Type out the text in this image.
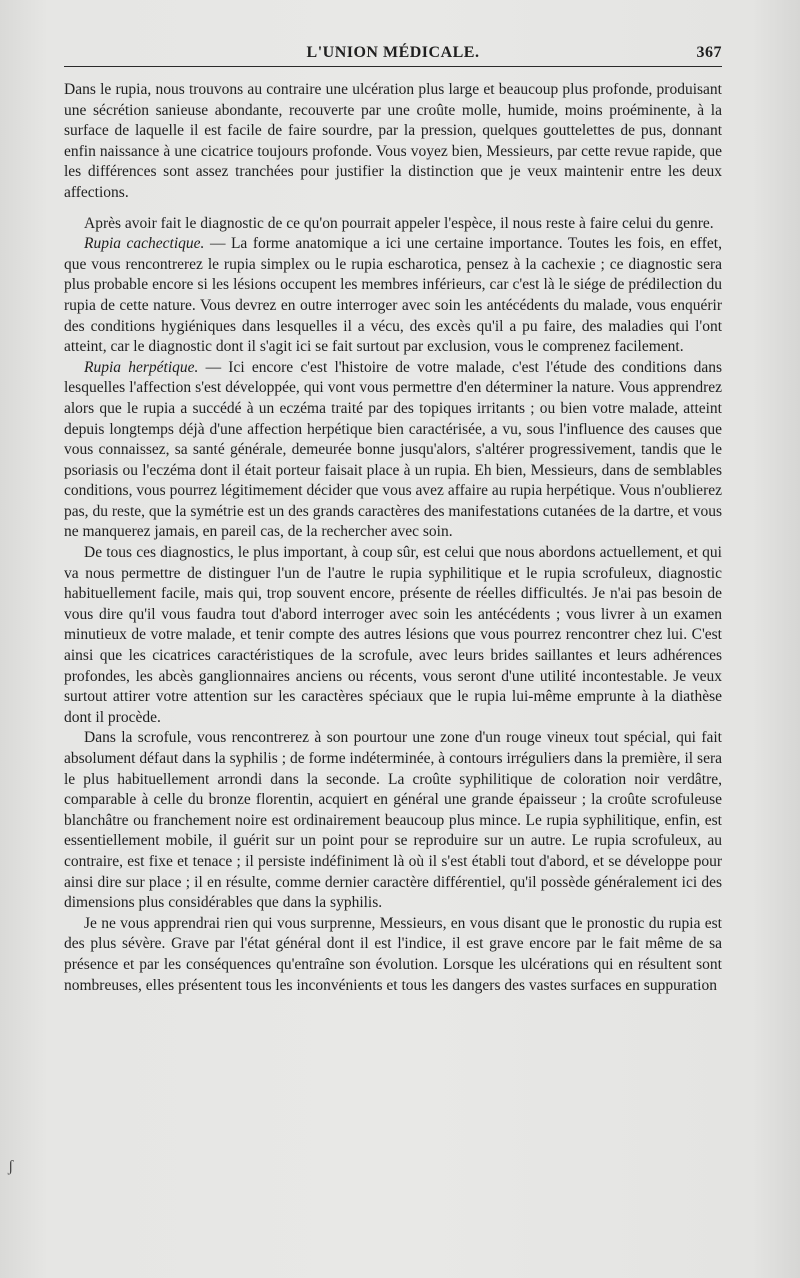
L'UNION MÉDICALE.	367

Dans le rupia, nous trouvons au contraire une ulcération plus large et beaucoup plus profonde, produisant une sécrétion sanieuse abondante, recouverte par une croûte molle, humide, moins proéminente, à la surface de laquelle il est facile de faire sourdre, par la pression, quelques gouttelettes de pus, donnant enfin naissance à une cicatrice toujours profonde. Vous voyez bien, Messieurs, par cette revue rapide, que les différences sont assez tranchées pour justifier la distinction que je veux maintenir entre les deux affections.

Après avoir fait le diagnostic de ce qu'on pourrait appeler l'espèce, il nous reste à faire celui du genre.

Rupia cachectique. — La forme anatomique a ici une certaine importance. Toutes les fois, en effet, que vous rencontrerez le rupia simplex ou le rupia escharotica, pensez à la cachexie ; ce diagnostic sera plus probable encore si les lésions occupent les membres inférieurs, car c'est là le siége de prédilection du rupia de cette nature. Vous devrez en outre interroger avec soin les antécédents du malade, vous enquérir des conditions hygiéniques dans lesquelles il a vécu, des excès qu'il a pu faire, des maladies qui l'ont atteint, car le diagnostic dont il s'agit ici se fait surtout par exclusion, vous le comprenez facilement.

Rupia herpétique. — Ici encore c'est l'histoire de votre malade, c'est l'étude des conditions dans lesquelles l'affection s'est développée, qui vont vous permettre d'en déterminer la nature. Vous apprendrez alors que le rupia a succédé à un eczéma traité par des topiques irritants ; ou bien votre malade, atteint depuis longtemps déjà d'une affection herpétique bien caractérisée, a vu, sous l'influence des causes que vous connaissez, sa santé générale, demeurée bonne jusqu'alors, s'altérer progressivement, tandis que le psoriasis ou l'eczéma dont il était porteur faisait place à un rupia. Eh bien, Messieurs, dans de semblables conditions, vous pourrez légitimement décider que vous avez affaire au rupia herpétique. Vous n'oublierez pas, du reste, que la symétrie est un des grands caractères des manifestations cutanées de la dartre, et vous ne manquerez jamais, en pareil cas, de la rechercher avec soin.

De tous ces diagnostics, le plus important, à coup sûr, est celui que nous abordons actuellement, et qui va nous permettre de distinguer l'un de l'autre le rupia syphilitique et le rupia scrofuleux, diagnostic habituellement facile, mais qui, trop souvent encore, présente de réelles difficultés. Je n'ai pas besoin de vous dire qu'il vous faudra tout d'abord interroger avec soin les antécédents ; vous livrer à un examen minutieux de votre malade, et tenir compte des autres lésions que vous pourrez rencontrer chez lui. C'est ainsi que les cicatrices caractéristiques de la scrofule, avec leurs brides saillantes et leurs adhérences profondes, les abcès ganglionnaires anciens ou récents, vous seront d'une utilité incontestable. Je veux surtout attirer votre attention sur les caractères spéciaux que le rupia lui-même emprunte à la diathèse dont il procède.

Dans la scrofule, vous rencontrerez à son pourtour une zone d'un rouge vineux tout spécial, qui fait absolument défaut dans la syphilis ; de forme indéterminée, à contours irréguliers dans la première, il sera le plus habituellement arrondi dans la seconde. La croûte syphilitique de coloration noir verdâtre, comparable à celle du bronze florentin, acquiert en général une grande épaisseur ; la croûte scrofuleuse blanchâtre ou franchement noire est ordinairement beaucoup plus mince. Le rupia syphilitique, enfin, est essentiellement mobile, il guérit sur un point pour se reproduire sur un autre. Le rupia scrofuleux, au contraire, est fixe et tenace ; il persiste indéfiniment là où il s'est établi tout d'abord, et se développe pour ainsi dire sur place ; il en résulte, comme dernier caractère différentiel, qu'il possède généralement ici des dimensions plus considérables que dans la syphilis.

Je ne vous apprendrai rien qui vous surprenne, Messieurs, en vous disant que le pronostic du rupia est des plus sévère. Grave par l'état général dont il est l'indice, il est grave encore par le fait même de sa présence et par les conséquences qu'entraîne son évolution. Lorsque les ulcérations qui en résultent sont nombreuses, elles présentent tous les inconvénients et tous les dangers des vastes surfaces en suppuration

ʃ
